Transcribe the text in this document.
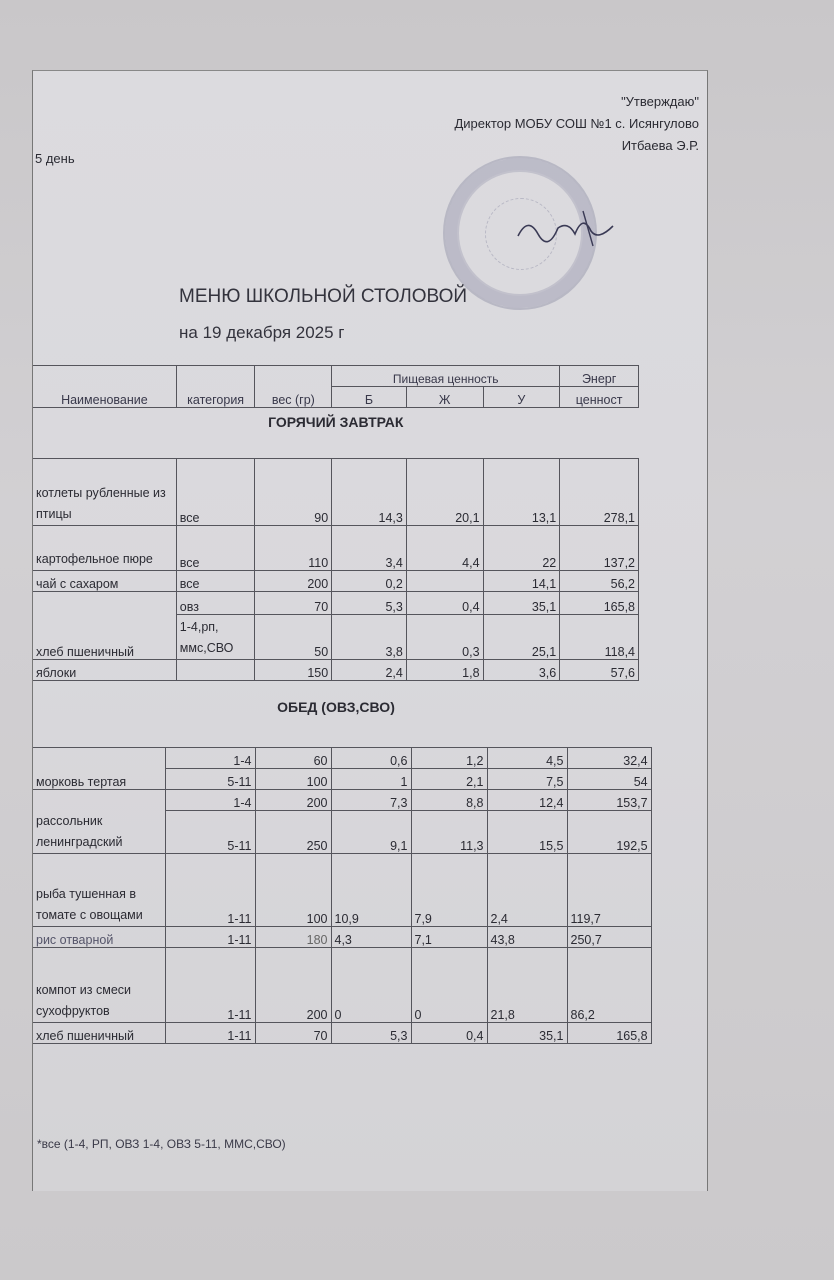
"Утверждаю"
Директор МОБУ СОШ №1 с. Исянгулово
Итбаева Э.Р.
5 день
МЕНЮ ШКОЛЬНОЙ СТОЛОВОЙ
на 19 декабря 2025 г
Наименование	категория	вес (гр)	Пищевая ценность			Энерг
			Б	Ж	У	ценност
ГОРЯЧИЙ ЗАВТРАК						
котлеты рубленные из птицы	все	90	14,3	20,1	13,1	278,1
картофельное пюре	все	110	3,4	4,4	22	137,2
чай с сахаром	все	200	0,2		14,1	56,2
хлеб пшеничный	овз	70	5,3	0,4	35,1	165,8
	1-4,рп, ммс,СВО	50	3,8	0,3	25,1	118,4
яблоки		150	2,4	1,8	3,6	57,6
ОБЕД (ОВЗ,СВО)

морковь тертая	1-4	60	0,6	1,2	4,5	32,4
	5-11	100	1	2,1	7,5	54
рассольник ленинградский	1-4	200	7,3	8,8	12,4	153,7
	5-11	250	9,1	11,3	15,5	192,5
рыба тушенная в томате с овощами	1-11	100	10,9	7,9	2,4	119,7
рис отварной	1-11	180	4,3	7,1	43,8	250,7
компот из смеси сухофруктов	1-11	200	0	0	21,8	86,2
хлеб пшеничный	1-11	70	5,3	0,4	35,1	165,8
*все (1-4, РП, ОВЗ 1-4, ОВЗ 5-11, ММС,СВО)
